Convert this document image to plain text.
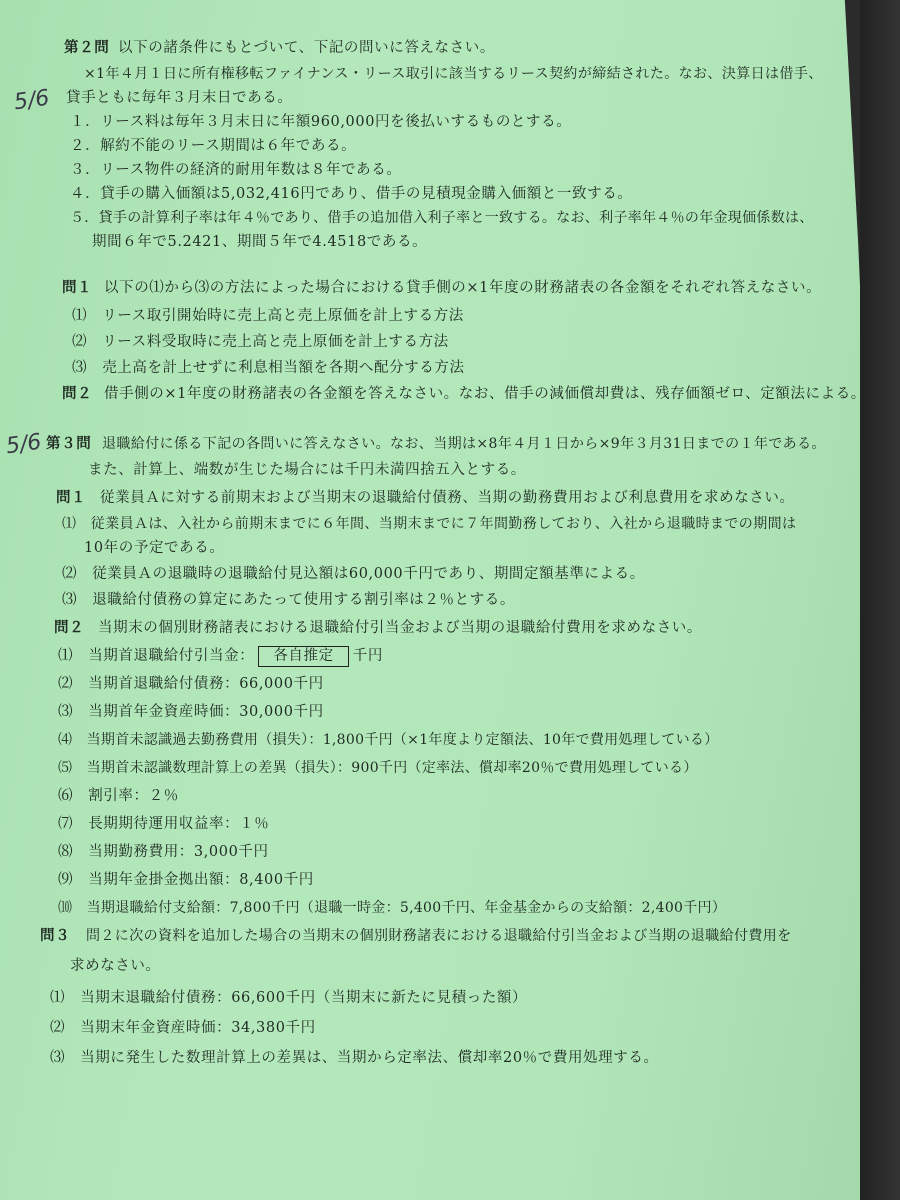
5/6
5/6
第２問 以下の諸条件にもとづいて、下記の問いに答えなさい。
×1年４月１日に所有権移転ファイナンス・リース取引に該当するリース契約が締結された。なお、決算日は借手、
貸手ともに毎年３月末日である。
１．リース料は毎年３月末日に年額960,000円を後払いするものとする。
２．解約不能のリース期間は６年である。
３．リース物件の経済的耐用年数は８年である。
４．貸手の購入価額は5,032,416円であり、借手の見積現金購入価額と一致する。
５．貸手の計算利子率は年４％であり、借手の追加借入利子率と一致する。なお、利子率年４％の年金現価係数は、
期間６年で5.2421、期間５年で4.4518である。
問１ 以下の⑴から⑶の方法によった場合における貸手側の×1年度の財務諸表の各金額をそれぞれ答えなさい。
⑴　リース取引開始時に売上高と売上原価を計上する方法
⑵　リース料受取時に売上高と売上原価を計上する方法
⑶　売上高を計上せずに利息相当額を各期へ配分する方法
問２ 借手側の×1年度の財務諸表の各金額を答えなさい。なお、借手の減価償却費は、残存価額ゼロ、定額法による。
第３問 退職給付に係る下記の各問いに答えなさい。なお、当期は×8年４月１日から×9年３月31日までの１年である。
また、計算上、端数が生じた場合には千円未満四捨五入とする。
問１ 従業員Ａに対する前期末および当期末の退職給付債務、当期の勤務費用および利息費用を求めなさい。
⑴　従業員Ａは、入社から前期末までに６年間、当期末までに７年間勤務しており、入社から退職時までの期間は
10年の予定である。
⑵　従業員Ａの退職時の退職給付見込額は60,000千円であり、期間定額基準による。
⑶　退職給付債務の算定にあたって使用する割引率は２％とする。
問２ 当期末の個別財務諸表における退職給付引当金および当期の退職給付費用を求めなさい。
⑴　当期首退職給付引当金： 各自推定 千円
⑵　当期首退職給付債務：66,000千円
⑶　当期首年金資産時価：30,000千円
⑷　当期首未認識過去勤務費用（損失）：1,800千円（×1年度より定額法、10年で費用処理している）
⑸　当期首未認識数理計算上の差異（損失）：900千円（定率法、償却率20％で費用処理している）
⑹　割引率：２％
⑺　長期期待運用収益率：１％
⑻　当期勤務費用：3,000千円
⑼　当期年金掛金拠出額：8,400千円
⑽　当期退職給付支給額：7,800千円（退職一時金：5,400千円、年金基金からの支給額：2,400千円）
問３ 問２に次の資料を追加した場合の当期末の個別財務諸表における退職給付引当金および当期の退職給付費用を
求めなさい。
⑴　当期末退職給付債務：66,600千円（当期末に新たに見積った額）
⑵　当期末年金資産時価：34,380千円
⑶　当期に発生した数理計算上の差異は、当期から定率法、償却率20％で費用処理する。
